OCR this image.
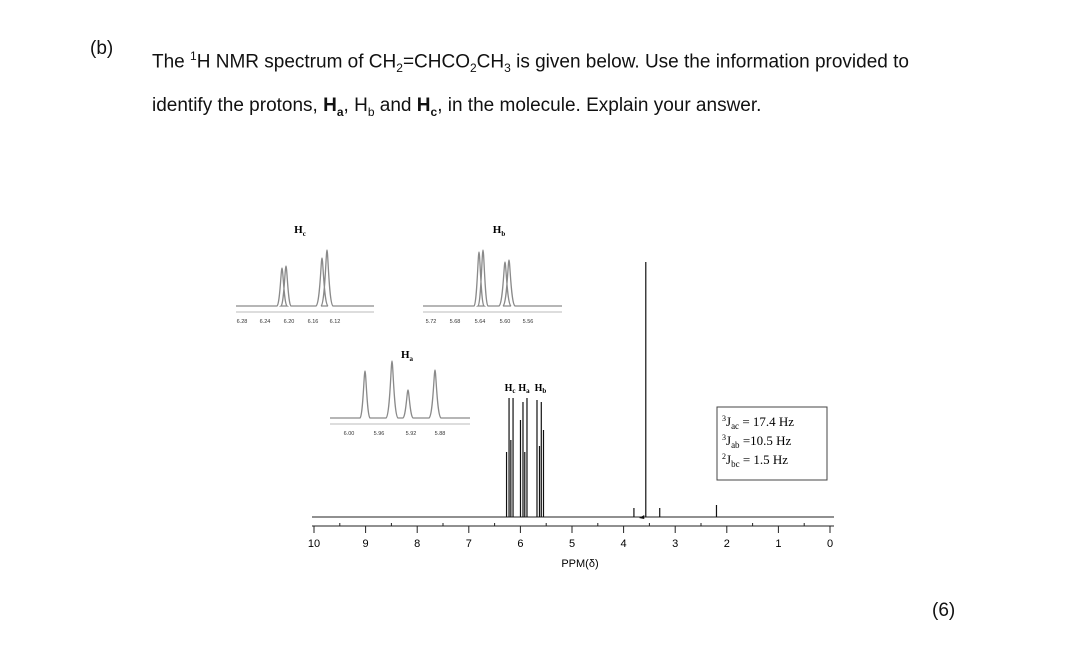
(b)
The $^1$H NMR spectrum of $CH_2=CHCO_2CH_3$ is given below. Use the information provided to identify the protons, $H_a$, $H_b$ and $H_c$, in the molecule. Explain your answer.
10	9	8	7	6	5	4	3	2	1	0
PPM(δ)
$H_c$ $H_a$ $H_b$
$^3J_{ac} = 17.4$ Hz
$^3J_{ab} =10.5$ Hz
$^2J_{bc} = 1.5$ Hz
6.28 6.24 6.20 6.16 6.12
$H_c$
5.72 5.68	5.64	5.60 5.56
$H_b$
6.00	5.96	5.92	5.88
$H_a$
(6)
